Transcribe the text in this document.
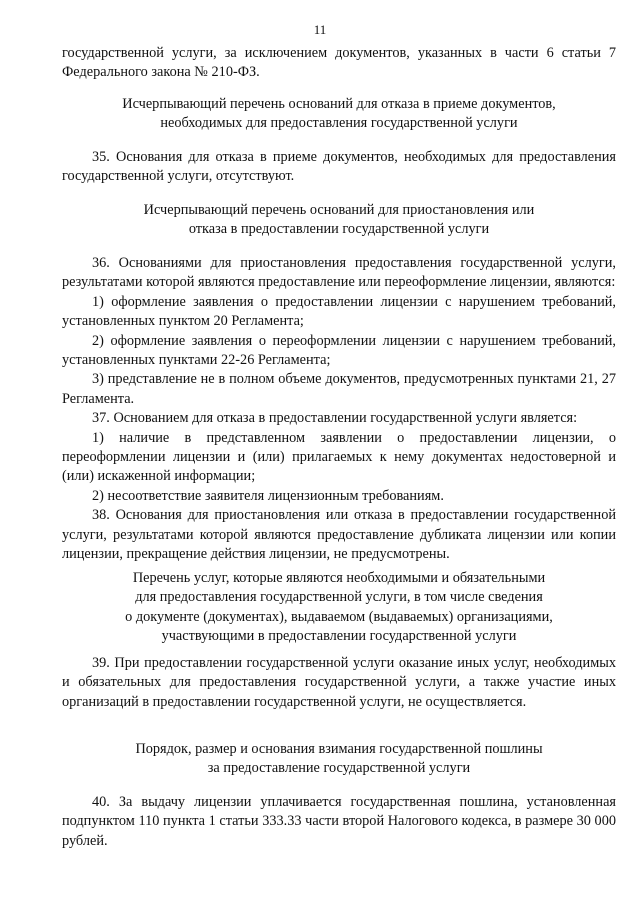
11

государственной услуги, за исключением документов, указанных в части 6 статьи 7

Федерального закона № 210-ФЗ.

Исчерпывающий перечень оснований для отказа в приеме документов,

необходимых для предоставления государственной услуги

35. Основания для отказа в приеме документов, необходимых для предоставления государственной услуги, отсутствуют.

Исчерпывающий перечень оснований для приостановления или

отказа в предоставлении государственной услуги

36. Основаниями для приостановления предоставления государственной услуги, результатами которой являются предоставление или переоформление лицензии, являются:

1) оформление заявления о предоставлении лицензии с нарушением требований, установленных пунктом 20 Регламента;

2) оформление заявления о переоформлении лицензии с нарушением требований, установленных пунктами 22-26 Регламента;

3) представление не в полном объеме документов, предусмотренных пунктами 21, 27 Регламента.

37. Основанием для отказа в предоставлении государственной услуги является:

1) наличие в представленном заявлении о предоставлении лицензии, о переоформлении лицензии и (или) прилагаемых к нему документах недостоверной и (или) искаженной информации;

2) несоответствие заявителя лицензионным требованиям.

38. Основания для приостановления или отказа в предоставлении государственной услуги, результатами которой являются предоставление дубликата лицензии или копии лицензии, прекращение действия лицензии, не предусмотрены.

Перечень услуг, которые являются необходимыми и обязательными

для предоставления государственной услуги, в том числе сведения

о документе (документах), выдаваемом (выдаваемых) организациями,

участвующими в предоставлении государственной услуги

39. При предоставлении государственной услуги оказание иных услуг, необходимых и обязательных для предоставления государственной услуги, а также участие иных организаций в предоставлении государственной услуги, не осуществляется.

Порядок, размер и основания взимания государственной пошлины

за предоставление государственной услуги

40. За выдачу лицензии уплачивается государственная пошлина, установленная подпунктом 110 пункта 1 статьи 333.33 части второй Налогового кодекса, в размере 30 000 рублей.
